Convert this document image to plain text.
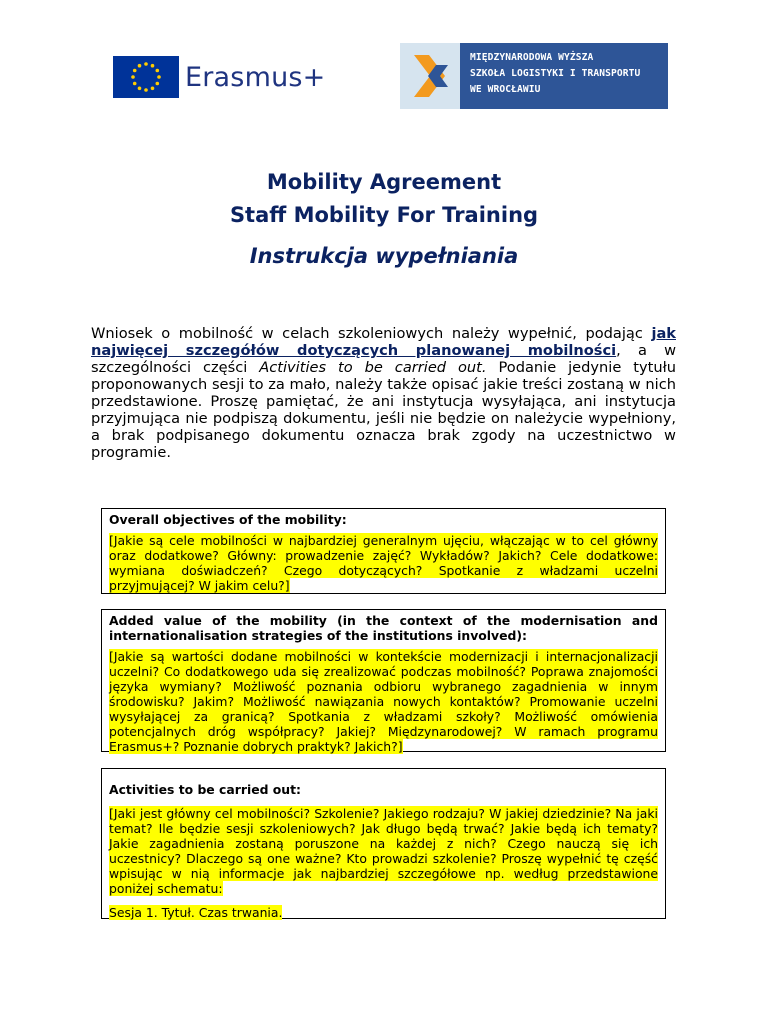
Erasmus+
MIĘDZYNARODOWA WYŻSZA
SZKOŁA LOGISTYKI I TRANSPORTU
WE WROCŁAWIU
Mobility Agreement
Staff Mobility For Training
Instrukcja wypełniania
Wniosek o mobilność w celach szkoleniowych należy wypełnić, podając jak najwięcej szczegółów dotyczących planowanej mobilności, a w szczególności części Activities to be carried out. Podanie jedynie tytułu proponowanych sesji to za mało, należy także opisać jakie treści zostaną w nich przedstawione. Proszę pamiętać, że ani instytucja wysyłająca, ani instytucja przyjmująca nie podpiszą dokumentu, jeśli nie będzie on należycie wypełniony, a brak podpisanego dokumentu oznacza brak zgody na uczestnictwo w programie.
Overall objectives of the mobility:
[Jakie są cele mobilności w najbardziej generalnym ujęciu, włączając w to cel główny oraz dodatkowe? Główny: prowadzenie zajęć? Wykładów? Jakich? Cele dodatkowe: wymiana doświadczeń? Czego dotyczących? Spotkanie z władzami uczelni przyjmującej? W jakim celu?]
Added value of the mobility (in the context of the modernisation and internationalisation strategies of the institutions involved):
[Jakie są wartości dodane mobilności w kontekście modernizacji i internacjonalizacji uczelni? Co dodatkowego uda się zrealizować podczas mobilność? Poprawa znajomości języka wymiany? Możliwość poznania odbioru wybranego zagadnienia w innym środowisku? Jakim? Możliwość nawiązania nowych kontaktów? Promowanie uczelni wysyłającej za granicą? Spotkania z władzami szkoły? Możliwość omówienia potencjalnych dróg współpracy? Jakiej? Międzynarodowej? W ramach programu Erasmus+? Poznanie dobrych praktyk? Jakich?]
Activities to be carried out:
[Jaki jest główny cel mobilności? Szkolenie? Jakiego rodzaju? W jakiej dziedzinie? Na jaki temat? Ile będzie sesji szkoleniowych? Jak długo będą trwać? Jakie będą ich tematy? Jakie zagadnienia zostaną poruszone na każdej z nich? Czego nauczą się ich uczestnicy? Dlaczego są one ważne? Kto prowadzi szkolenie? Proszę wypełnić tę część wpisując w nią informacje jak najbardziej szczegółowe np. według przedstawione poniżej schematu:
Sesja 1. Tytuł. Czas trwania.
